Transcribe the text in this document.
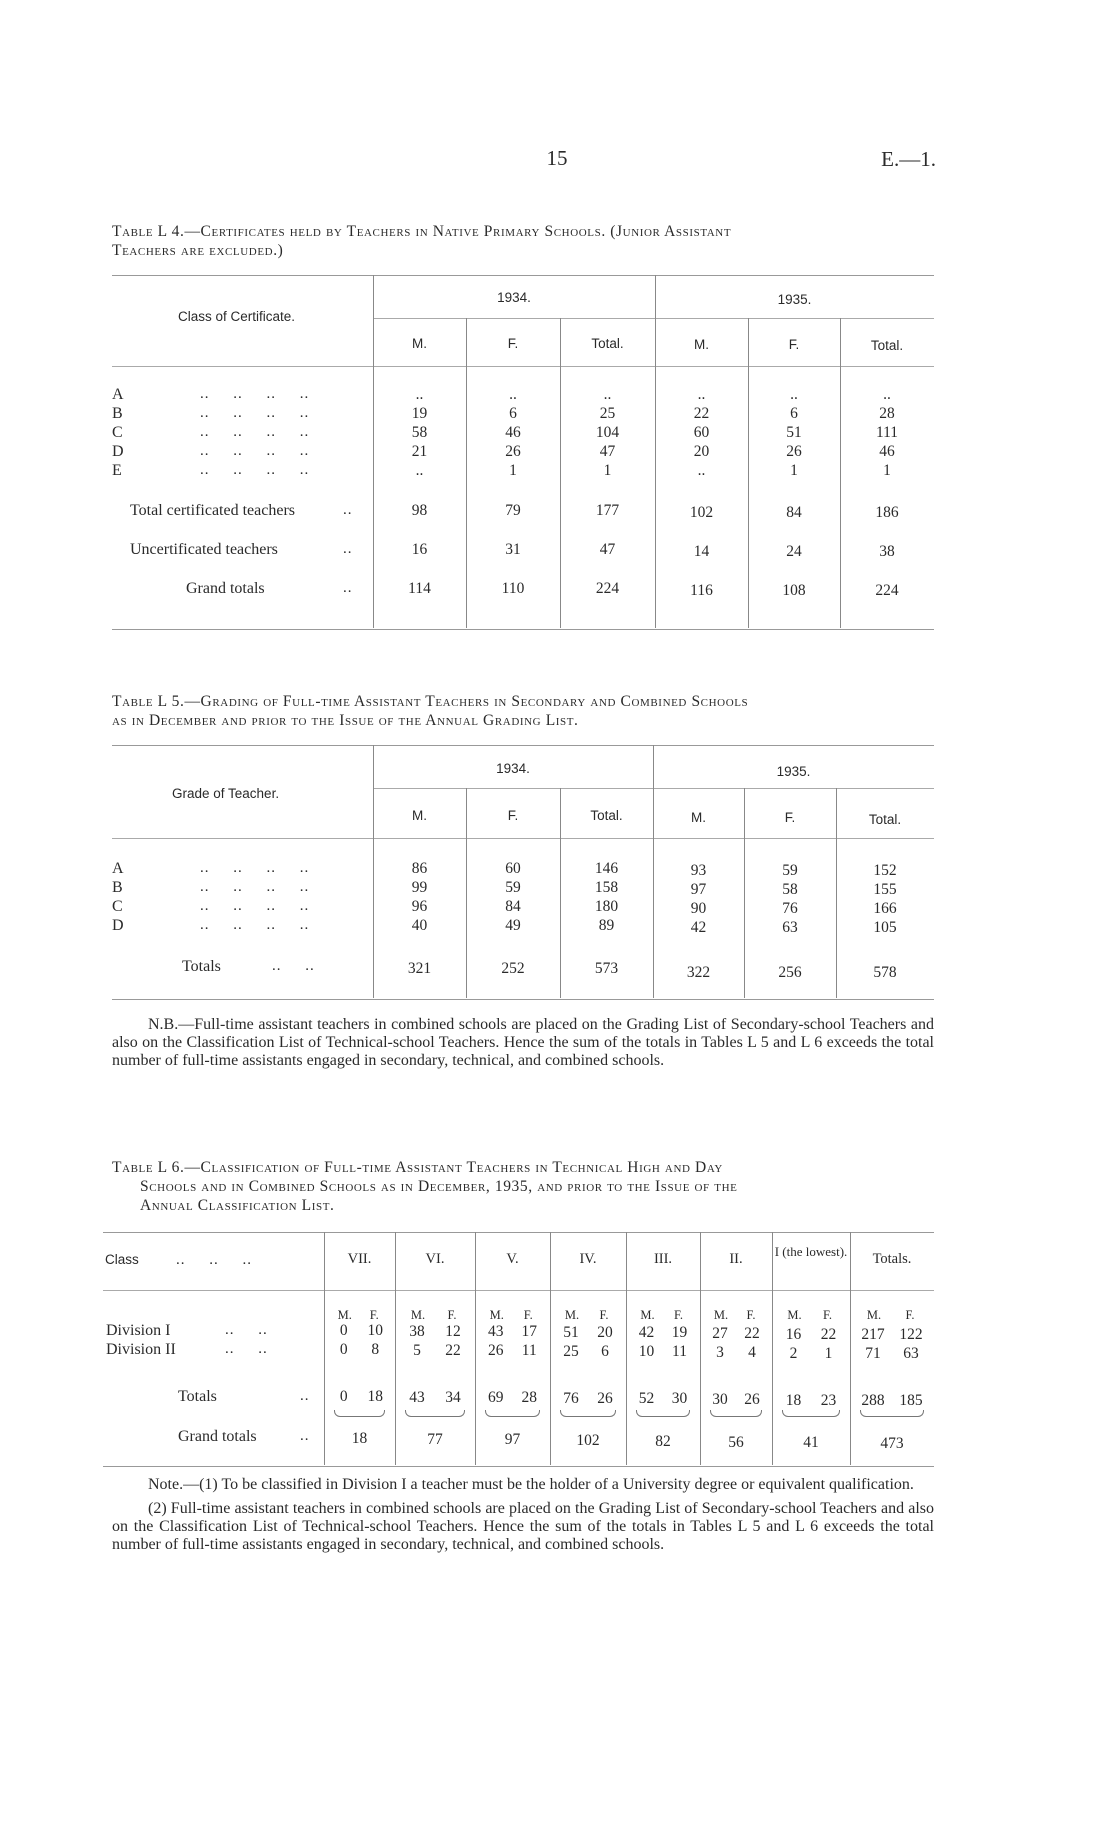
15	E.—1.
Table L 4.—Certificates held by Teachers in Native Primary Schools. (Junior Assistant
Teachers are excluded.)
Class of Certificate.
1934.	1935.
M.	F.	Total.	M.	F.	Total.
A	..     ..     ..     ..	..	..	..	..	..	..
B	..     ..     ..     ..	19	6	25	22	6	28
C	..     ..     ..     ..	58	46	104	60	51	111
D	..     ..     ..     ..	21	26	47	20	26	46
E	..     ..     ..     ..	..	1	1	..	1	1
Total certificated teachers	..	98	79	177	102	84	186
Uncertificated teachers	..	16	31	47	14	24	38
Grand totals	..	114	110	224	116	108	224
Table L 5.—Grading of Full-time Assistant Teachers in Secondary and Combined Schools
as in December and prior to the Issue of the Annual Grading List.
Grade of Teacher.
1934.	1935.
M.	F.	Total.	M.	F.	Total.
A	..     ..     ..     ..	86	60	146	93	59	152
B	..     ..     ..     ..	99	59	158	97	58	155
C	..     ..     ..     ..	96	84	180	90	76	166
D	..     ..     ..     ..	40	49	89	42	63	105
Totals	..     ..	321	252	573	322	256	578

N.B.—Full-time assistant teachers in combined schools are placed on the Grading List of Secondary-school Teachers and also on the Classification List of Technical-school Teachers. Hence the sum of the totals in Tables L 5 and L 6 exceeds the total number of full-time assistants engaged in secondary, technical, and combined schools.

Table L 6.—Classification of Full-time Assistant Teachers in Technical High and Day
Schools and in Combined Schools as in December, 1935, and prior to the Issue of the
Annual Classification List.
Class ..     ..     ..	VII.	VI.	V.	IV.	III.	II.	I (the lowest).	Totals.
M.	F.	M.	F.	M.	F.	M.	F.	M.	F.	M.	F.	M.	F.	M.	F.
Division I	..     ..	0	10	38	12	43	17	51	20	42	19	27	22	16	22	217 122
Division II	..     ..	0	8	5	22	26	11	25	6	10	11	3	4	2	1	71	63
Totals	..	0	18	43	34	69	28	76	26	52	30	30	26	18	23	288 185
Grand totals	..	18	77	97	102	82	56	41	473

Note.—(1) To be classified in Division I a teacher must be the holder of a University degree or equivalent qualification.

(2) Full-time assistant teachers in combined schools are placed on the Grading List of Secondary-school Teachers and also on the Classification List of Technical-school Teachers. Hence the sum of the totals in Tables L 5 and L 6 exceeds the total number of full-time assistants engaged in secondary, technical, and combined schools.
